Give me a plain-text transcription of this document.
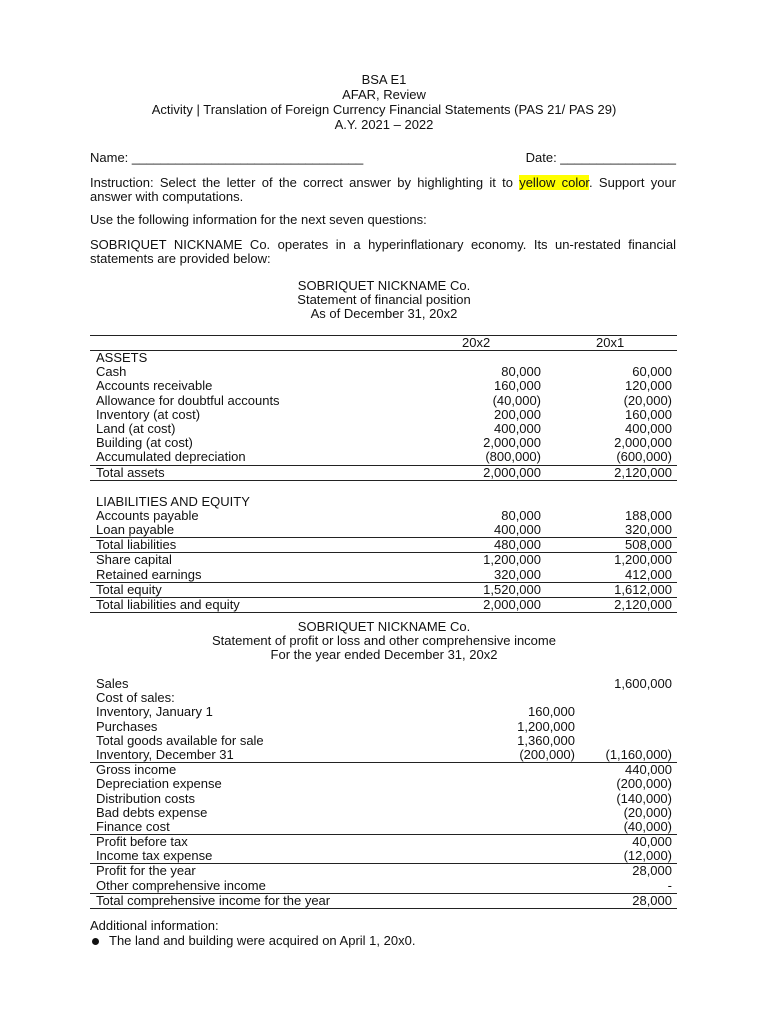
BSA E1
AFAR, Review
Activity | Translation of Foreign Currency Financial Statements (PAS 21/ PAS 29)
A.Y. 2021 – 2022
Name: ________________________________	Date: ________________
Instruction: Select the letter of the correct answer by highlighting it to yellow color. Support your answer with computations.
Use the following information for the next seven questions:
SOBRIQUET NICKNAME Co. operates in a hyperinflationary economy. Its un-restated financial statements are provided below:
SOBRIQUET NICKNAME Co.
Statement of financial position
As of December 31, 20x2
20x2	20x1
ASSETS
Cash	80,000	60,000
Accounts receivable	160,000	120,000
Allowance for doubtful accounts	(40,000)	(20,000)
Inventory (at cost)	200,000	160,000
Land (at cost)	400,000	400,000
Building (at cost)	2,000,000	2,000,000
Accumulated depreciation	(800,000)	(600,000)
Total assets	2,000,000	2,120,000
LIABILITIES AND EQUITY
Accounts payable	80,000	188,000
Loan payable	400,000	320,000
Total liabilities	480,000	508,000
Share capital	1,200,000	1,200,000
Retained earnings	320,000	412,000
Total equity	1,520,000	1,612,000
Total liabilities and equity	2,000,000	2,120,000
SOBRIQUET NICKNAME Co.
Statement of profit or loss and other comprehensive income
For the year ended December 31, 20x2
Sales	1,600,000
Cost of sales:
Inventory, January 1	160,000
Purchases	1,200,000
Total goods available for sale	1,360,000
Inventory, December 31	(200,000) (1,160,000)
Gross income	440,000
Depreciation expense	(200,000)
Distribution costs	(140,000)
Bad debts expense	(20,000)
Finance cost	(40,000)
Profit before tax	40,000
Income tax expense	(12,000)
Profit for the year	28,000
Other comprehensive income	-
Total comprehensive income for the year	28,000
Additional information:
The land and building were acquired on April 1, 20x0.
